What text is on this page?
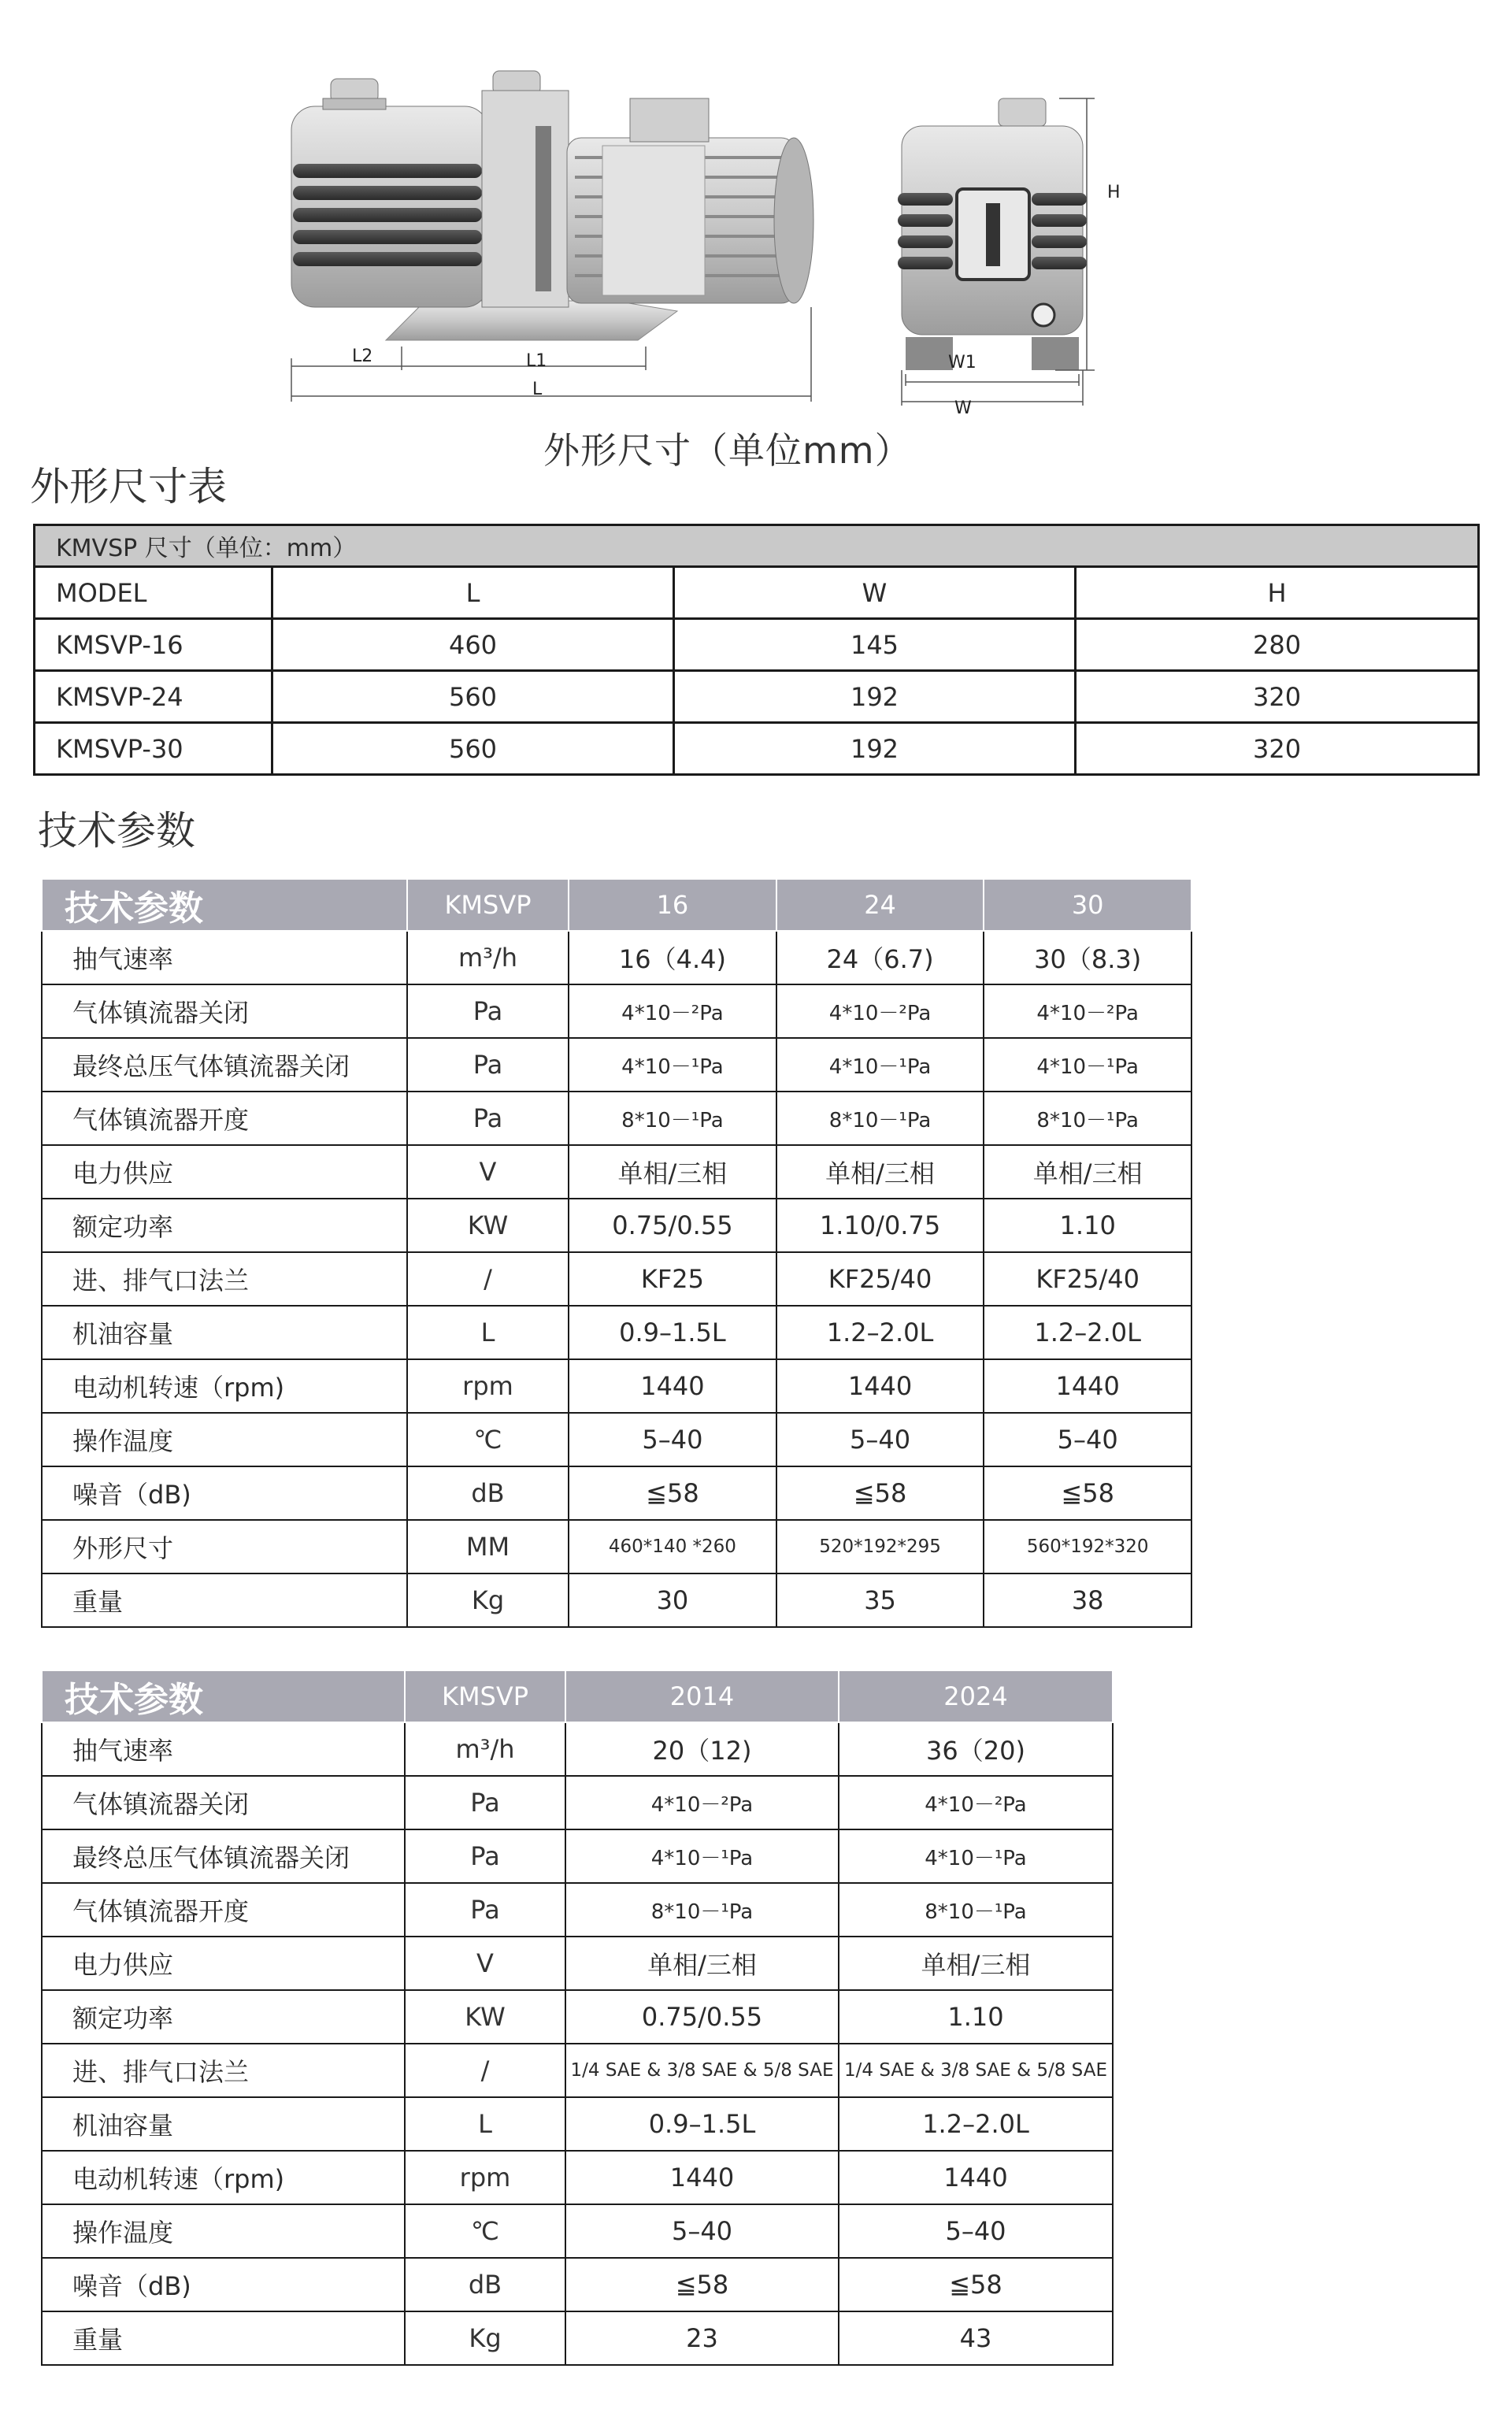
L2	L1
L
W1
W
H
外形尺寸（单位mm）
外形尺寸表
KMVSP 尺寸（单位：mm）			
MODEL	L	W	H
KMSVP-16	460	145	280
KMSVP-24	560	192	320
KMSVP-30	560	192	320
技术参数
技术参数	KMSVP	16	24	30
抽气速率	m³/h	16（4.4)	24（6.7)	30（8.3)
气体镇流器关闭	Pa	4*10－²Pa	4*10－²Pa	4*10－²Pa
最终总压气体镇流器关闭	Pa	4*10－¹Pa	4*10－¹Pa	4*10－¹Pa
气体镇流器开度	Pa	8*10－¹Pa	8*10－¹Pa	8*10－¹Pa
电力供应	V	单相/三相	单相/三相	单相/三相
额定功率	KW	0.75/0.55	1.10/0.75	1.10
进、排气口法兰	/	KF25	KF25/40	KF25/40
机油容量	L	0.9–1.5L	1.2–2.0L	1.2–2.0L
电动机转速（rpm)	rpm	1440	1440	1440
操作温度	℃	5–40	5–40	5–40
噪音（dB)	dB	≦58	≦58	≦58
外形尺寸	MM	460*140 *260	520*192*295	560*192*320
重量	Kg	30	35	38
技术参数	KMSVP	2014	2024
抽气速率	m³/h	20（12)	36（20)
气体镇流器关闭	Pa	4*10－²Pa	4*10－²Pa
最终总压气体镇流器关闭	Pa	4*10－¹Pa	4*10－¹Pa
气体镇流器开度	Pa	8*10－¹Pa	8*10－¹Pa
电力供应	V	单相/三相	单相/三相
额定功率	KW	0.75/0.55	1.10
进、排气口法兰	/	1/4 SAE & 3/8 SAE & 5/8 SAE	1/4 SAE & 3/8 SAE & 5/8 SAE
机油容量	L	0.9–1.5L	1.2–2.0L
电动机转速（rpm)	rpm	1440	1440
操作温度	℃	5–40	5–40
噪音（dB)	dB	≦58	≦58
重量	Kg	23	43
